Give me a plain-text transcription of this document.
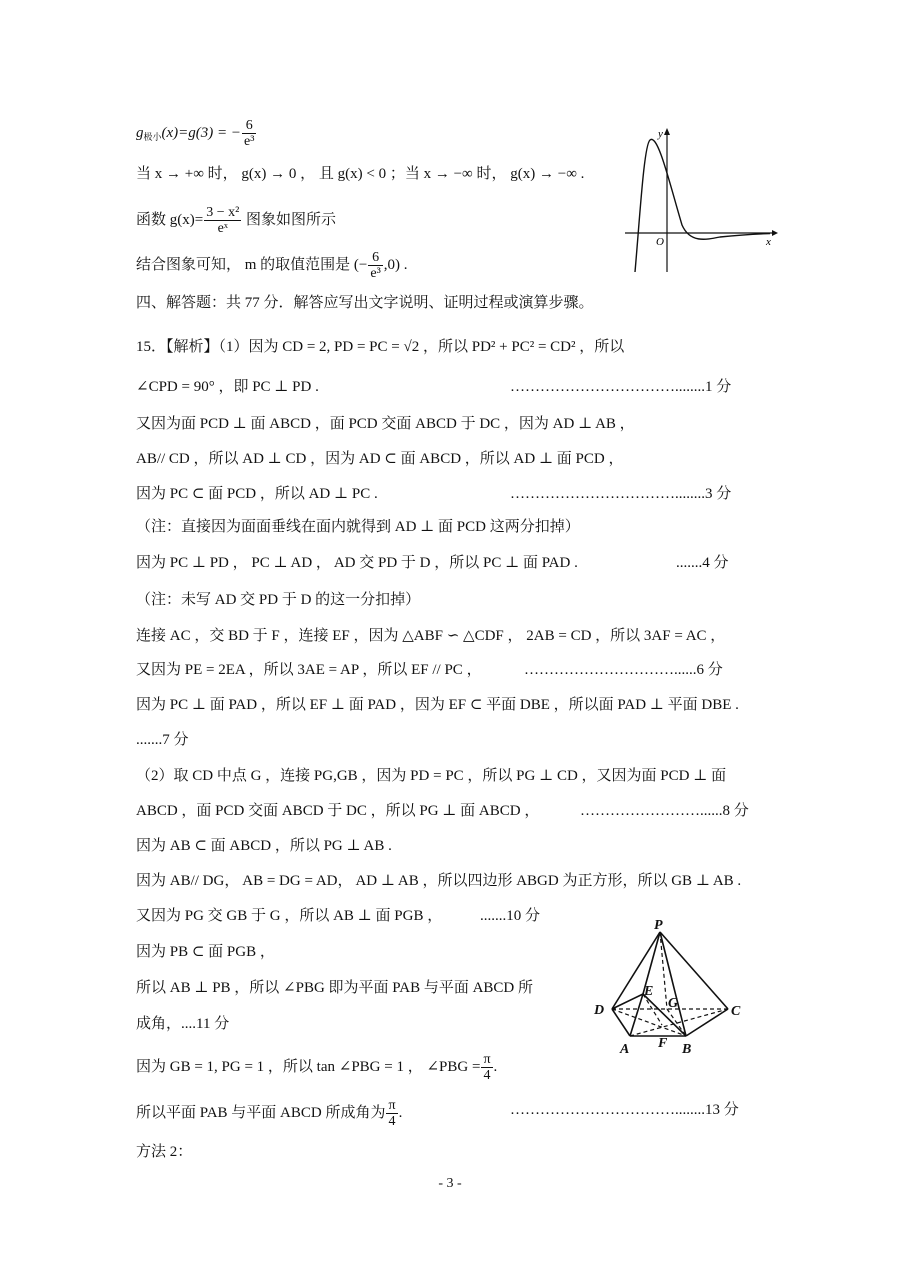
$g_{极小}(x)=g(3)$ = − $\frac{6}{\text{e³}}$
当 x → +∞ 时， g(x) → 0 ， 且 g(x) < 0 ；当 x → −∞ 时， g(x) → −∞ .
函数 $g(x)= \frac{\text{3 − x²}}{\text{eˣ}}$ 图象如图所示
结合图象可知， m 的取值范围是 (− $\frac{6}{\text{e³}} ,0$) .
四、解答题：共 77 分．解答应写出文字说明、证明过程或演算步骤。
15．【解析】（1）因为 CD = 2, PD = PC = √2 ，所以 PD² + PC² = CD² ，所以
∠CPD = 90° ，即 PC ⊥ PD .	……………………………........1 分
又因为面 PCD ⊥ 面 ABCD ，面 PCD 交面 ABCD 于 DC ，因为 AD ⊥ AB ，
AB// CD ，所以 AD ⊥ CD ，因为 AD ⊂ 面 ABCD ，所以 AD ⊥ 面 PCD ，
因为 PC ⊂ 面 PCD ，所以 AD ⊥ PC .	……………………………........3 分
（注：直接因为面面垂线在面内就得到 AD ⊥ 面 PCD 这两分扣掉）
因为 PC ⊥ PD ， PC ⊥ AD ， AD 交 PD 于 D ，所以 PC ⊥ 面 PAD .	.......4 分
（注：未写 AD 交 PD 于 D 的这一分扣掉）
连接 AC ，交 BD 于 F ，连接 EF ，因为 △ABF ∽ △CDF ， 2AB = CD ，所以 3AF = AC ，
又因为 PE = 2EA ，所以 3AE = AP ，所以 EF // PC ，	…………………………......6 分
因为 PC ⊥ 面 PAD ，所以 EF ⊥ 面 PAD ，因为 EF ⊂ 平面 DBE ，所以面 PAD ⊥ 平面 DBE .
.......7 分
（2）取 CD 中点 G ，连接 PG,GB ，因为 PD = PC ，所以 PG ⊥ CD ，又因为面 PCD ⊥ 面
ABCD ，面 PCD 交面 ABCD 于 DC ，所以 PG ⊥ 面 ABCD ，	……………………......8 分
因为 AB ⊂ 面 ABCD ，所以 PG ⊥ AB .
因为 AB// DG， AB = DG = AD， AD ⊥ AB ，所以四边形 ABGD 为正方形，所以 GB ⊥ AB .
又因为 PG 交 GB 于 G ，所以 AB ⊥ 面 PGB ，	.......10 分
因为 PB ⊂ 面 PGB ，
所以 AB ⊥ PB ，所以 ∠PBG 即为平面 PAB 与平面 ABCD 所
成角，....11 分
因为 GB = 1, PG = 1 ，所以 tan ∠PBG = 1 ， ∠PBG = $\frac{\pi}{4}$ .
所以平面 PAB 与平面 ABCD 所成角为 $\frac{\pi}{4}$ .	……………………………........13 分
方法 2：
y
x
O
P
D	C
A	B
E
F
G
- 3 -
